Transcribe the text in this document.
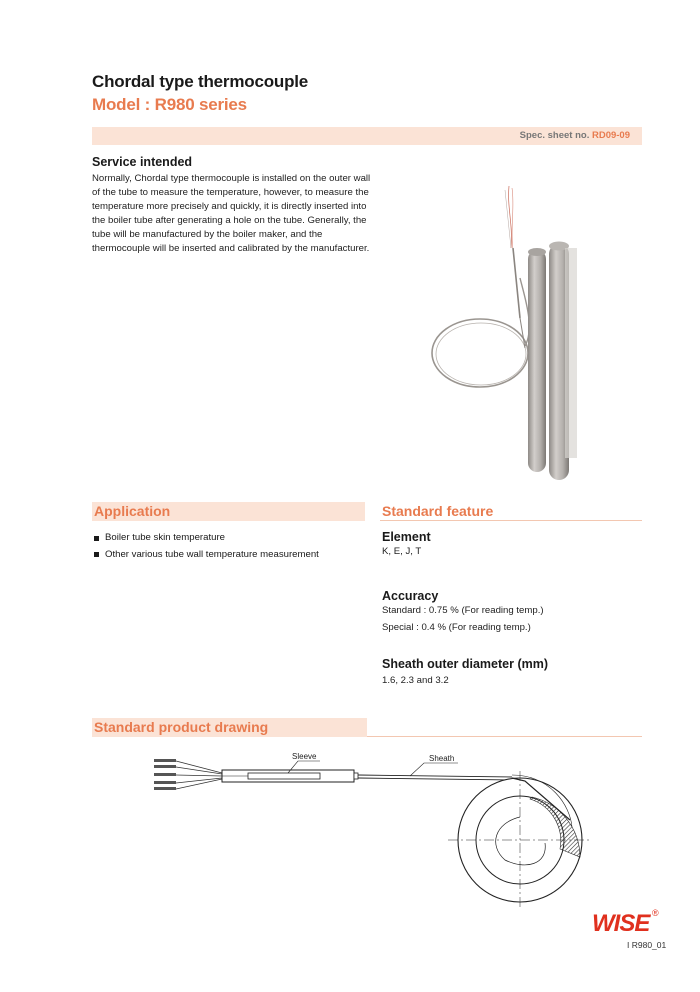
Chordal type thermocouple
Model : R980 series
Spec. sheet no. RD09-09
Service intended
Normally, Chordal type thermocouple is installed on the outer wall of the tube to measure the temperature, however, to measure the temperature more precisely and quickly, it is directly inserted into the boiler tube after generating a hole on the tube. Generally, the tube will be manufactured by the boiler maker, and the thermocouple will be inserted and calibrated by the manufacturer.
Application
Boiler tube skin temperature
Other various tube wall temperature measurement
Standard feature
Element
K, E, J, T
Accuracy
Standard : 0.75 % (For reading temp.)
Special : 0.4 % (For reading temp.)
Sheath outer diameter (mm)
1.6, 2.3 and 3.2
Standard product drawing
Sleeve	Sheath
WISE ®
I R980_01
